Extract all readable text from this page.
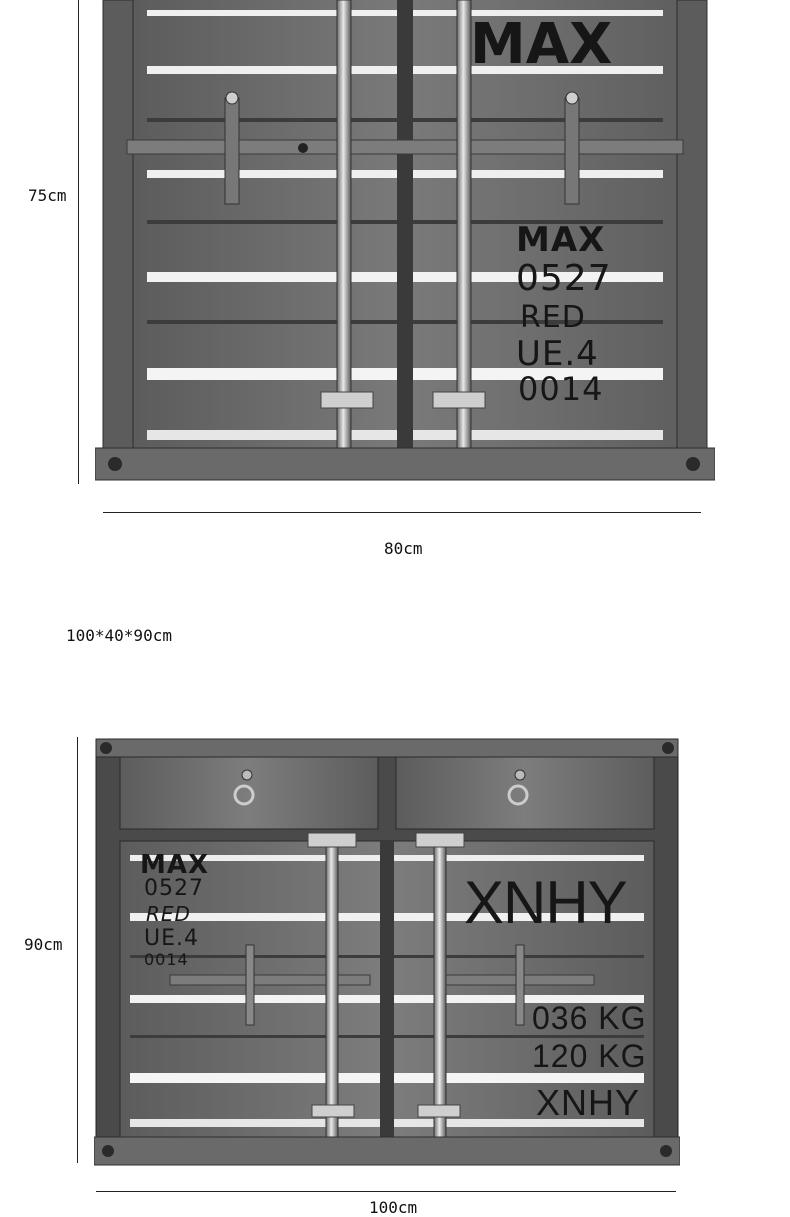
75cm
MAX
MAX
0527
RED
UE.4
0014
80cm
100*40*90cm
90cm
MAX
0527
RED
UE.4
0014
XNHY
036 KG
120 KG
XNHY
100cm
